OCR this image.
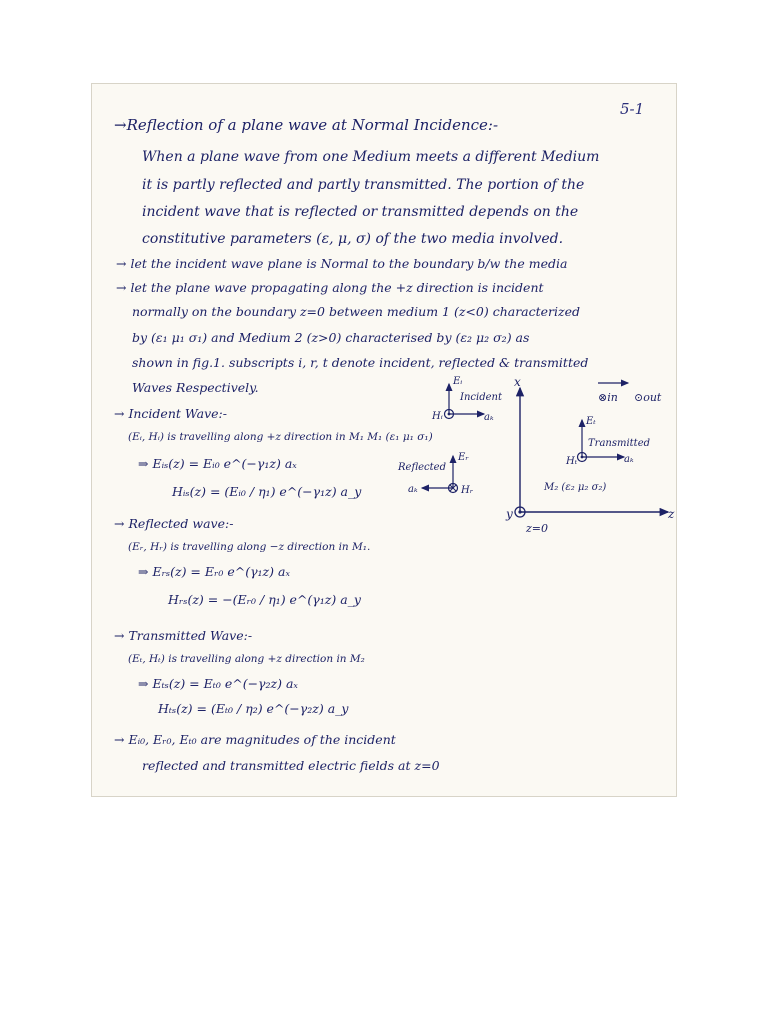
5-1
→Reflection of a plane wave at Normal Incidence:-
When a plane wave from one Medium meets a different Medium
it is partly reflected and partly transmitted. The portion of the
incident wave that is reflected or transmitted depends on the
constitutive parameters (ε, μ, σ) of the two media involved.
→ let the incident wave plane is Normal to the boundary b/w the media
→ let the plane wave propagating along the +z direction is incident
normally on the boundary z=0 between medium 1 (z<0) characterized
by (ε₁ μ₁ σ₁) and Medium 2 (z>0) characterised by (ε₂ μ₂ σ₂) as
shown in fig.1. subscripts i, r, t denote incident, reflected & transmitted
Waves Respectively.
→ Incident Wave:-
(Eᵢ, Hᵢ) is travelling along +z direction in M₁ M₁ (ε₁ μ₁ σ₁)
⇒ Eᵢₛ(z) = Eᵢ₀ e^(−γ₁z) aₓ
Hᵢₛ(z) = (Eᵢ₀ / η₁) e^(−γ₁z) a_y
→ Reflected wave:-
(Eᵣ, Hᵣ) is travelling along −z direction in M₁.
⇒ Eᵣₛ(z) = Eᵣ₀ e^(γ₁z) aₓ
Hᵣₛ(z) = −(Eᵣ₀ / η₁) e^(γ₁z) a_y
→ Transmitted Wave:-
(Eₜ, Hₜ) is travelling along +z direction in M₂
⇒ Eₜₛ(z) = Eₜ₀ e^(−γ₂z) aₓ
Hₜₛ(z) = (Eₜ₀ / η₂) e^(−γ₂z) a_y
→ Eᵢ₀, Eᵣ₀, Eₜ₀ are magnitudes of the incident
reflected and transmitted electric fields at z=0
x
y	z
z=0
⊗in ⊙out
Eᵢ
Incident
Hᵢ	aₖ
Reflected
Eᵣ
aₖ	Hᵣ
Eₜ
Transmitted
Hₜ	aₖ
M₂ (ε₂ μ₂ σ₂)
